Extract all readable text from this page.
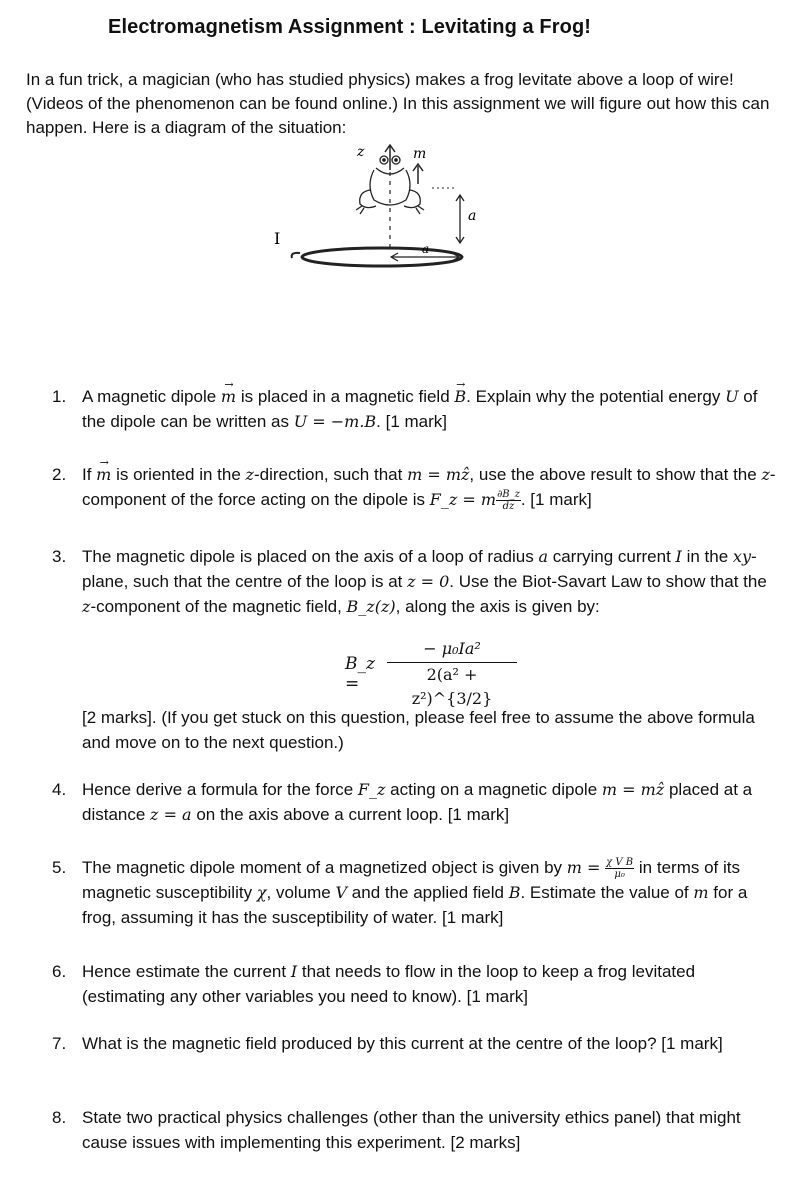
Electromagnetism Assignment : Levitating a Frog!
In a fun trick, a magician (who has studied physics) makes a frog levitate above a loop of wire! (Videos of the phenomenon can be found online.) In this assignment we will figure out how this can happen. Here is a diagram of the situation:
z	m
a
I
a
1. A magnetic dipole → m is placed in a magnetic field → B. Explain why the potential energy U of the dipole can be written as U = −m.B. [1 mark]
2. If → m is oriented in the z-direction, such that m = mẑ, use the above result to show that the z-component of the force acting on the dipole is F_z = m $\frac{\partial B\_z}{dz}$ . [1 mark]
3. The magnetic dipole is placed on the axis of a loop of radius a carrying current I in the xy-plane, such that the centre of the loop is at z = 0. Use the Biot-Savart Law to show that the z-component of the magnetic field, B_z(z), along the axis is given by:
B_z =
− μ₀Ia²
2(a² + z²)^{3/2}
[2 marks]. (If you get stuck on this question, please feel free to assume the above formula and move on to the next question.)
4. Hence derive a formula for the force F_z acting on a magnetic dipole m = mẑ placed at a distance z = a on the axis above a current loop. [1 mark]
5. The magnetic dipole moment of a magnetized object is given by $m = \frac{\text{χ V B}}{\text{μ₀}}$ in terms of its magnetic susceptibility χ, volume V and the applied field B. Estimate the value of m for a frog, assuming it has the susceptibility of water. [1 mark]
6. Hence estimate the current I that needs to flow in the loop to keep a frog levitated (estimating any other variables you need to know). [1 mark]
7. What is the magnetic field produced by this current at the centre of the loop? [1 mark]
8. State two practical physics challenges (other than the university ethics panel) that might cause issues with implementing this experiment. [2 marks]
